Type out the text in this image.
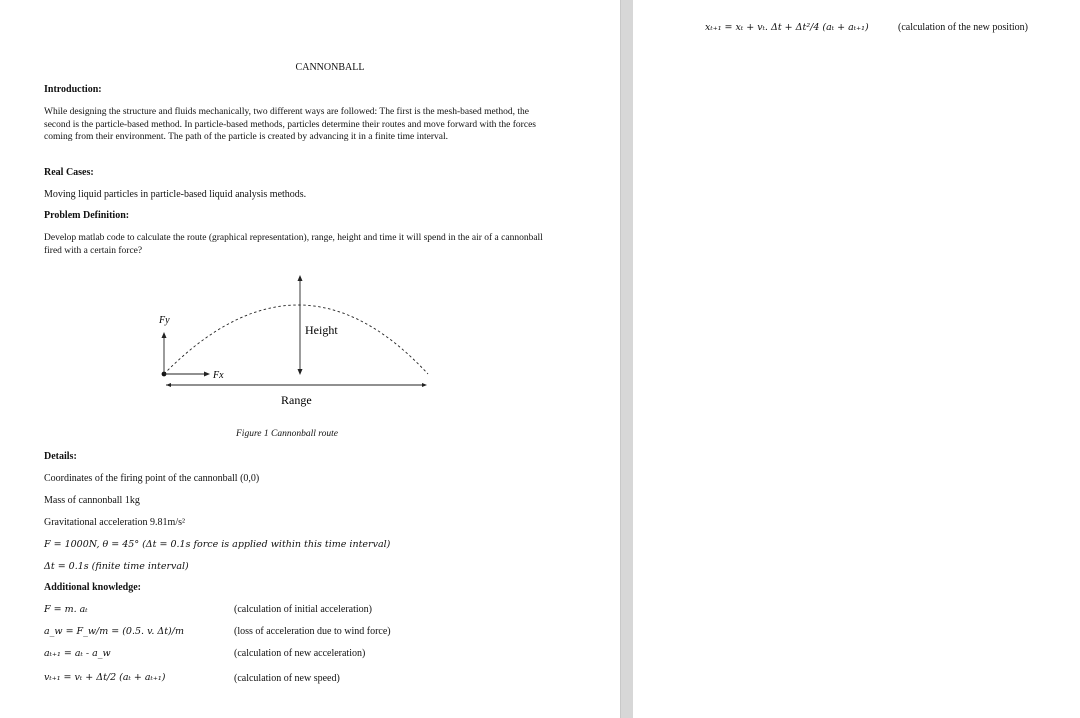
CANNONBALL
Introduction:
While designing the structure and fluids mechanically, two different ways are followed: The first is the mesh-based method, the second is the particle-based method. In particle-based methods, particles determine their routes and move forward with the forces coming from their environment. The path of the particle is created by advancing it in a finite time interval.
Real Cases:
Moving liquid particles in particle-based liquid analysis methods.
Problem Definition:
Develop matlab code to calculate the route (graphical representation), range, height and time it will spend in the air of a cannonball fired with a certain force?
Fy
Fx
Height
Range
Figure 1 Cannonball route
Details:
Coordinates of the firing point of the cannonball (0,0)
Mass of cannonball 1kg
Gravitational acceleration 9.81m/s²
F = 1000N, θ = 45° (Δt = 0.1s force is applied within this time interval)
Δt = 0.1s (finite time interval)
Additional knowledge:
F = m. aₜ	(calculation of initial acceleration)
a_w = F_w/m = (0.5. v. Δt)/m	(loss of acceleration due to wind force)
aₜ₊₁ = aₜ - a_w	(calculation of new acceleration)
vₜ₊₁ = vₜ + Δt/2 (aₜ + aₜ₊₁)	(calculation of new speed)
xₜ₊₁ = xₜ + vₜ. Δt + Δt²/4 (aₜ + aₜ₊₁)	(calculation of the new position)
